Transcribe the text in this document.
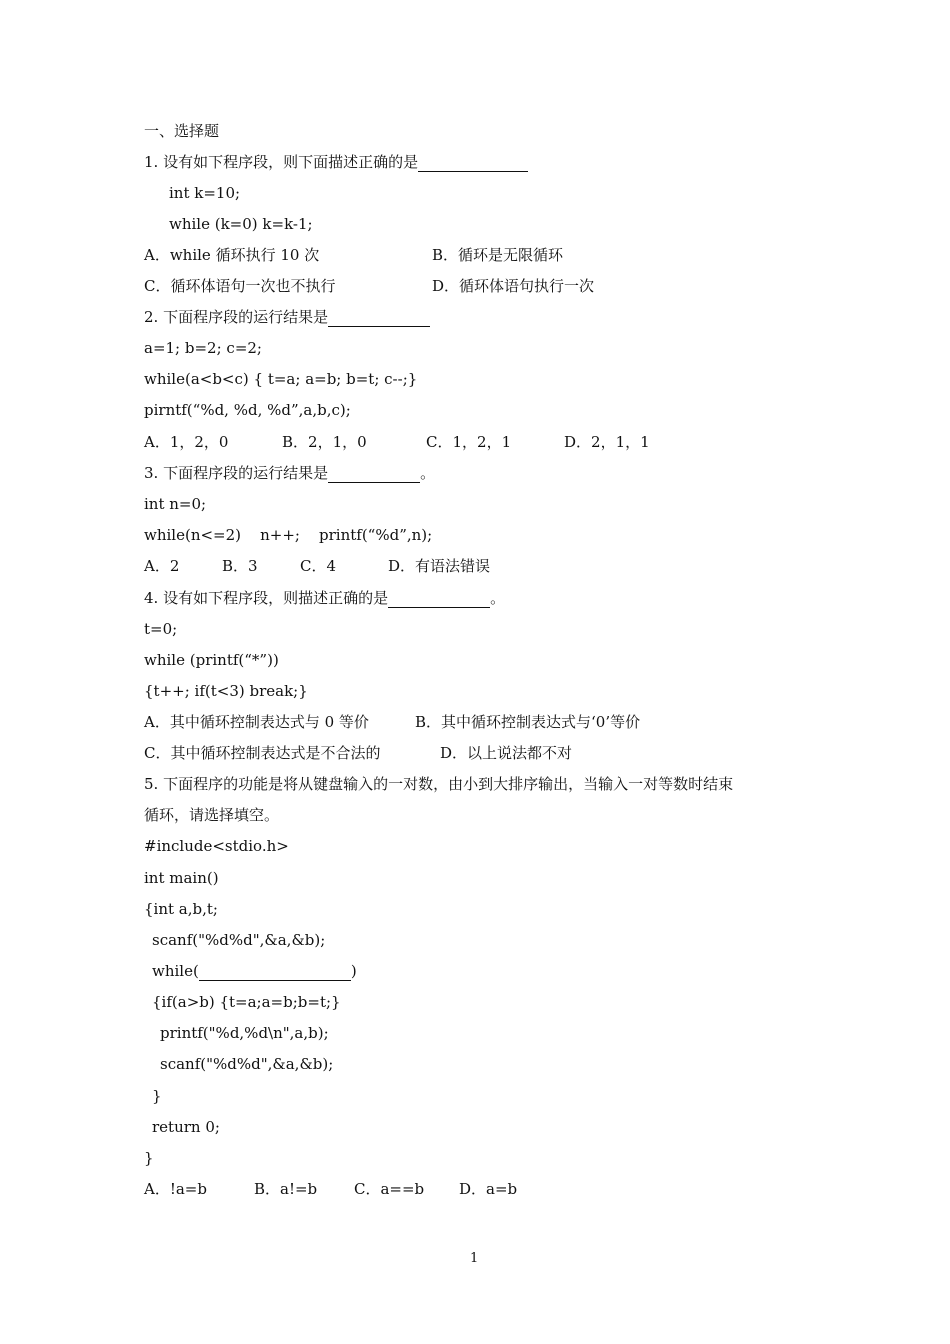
一、选择题
1. 设有如下程序段，则下面描述正确的是
int k=10;
while (k=0) k=k-1;
A．while 循环执行 10 次	B．循环是无限循环
C．循环体语句一次也不执行	D．循环体语句执行一次
2. 下面程序段的运行结果是
a=1; b=2; c=2;
while(a<b<c) { t=a; a=b; b=t; c--;}
pirntf(“%d, %d, %d”,a,b,c);
A．1，2，0	B．2，1，0	C．1，2，1	D．2，1，1
3. 下面程序段的运行结果是	。
int n=0;
while(n<=2)    n++;    printf(“%d”,n);
A．2	B．3	C．4	D．有语法错误
4. 设有如下程序段，则描述正确的是	。
t=0;
while (printf(“*”))
{t++; if(t<3) break;}
A．其中循环控制表达式与 0 等价	B．其中循环控制表达式与‘0’等价
C．其中循环控制表达式是不合法的	D．以上说法都不对
5. 下面程序的功能是将从键盘输入的一对数，由小到大排序输出，当输入一对等数时结束
循环，请选择填空。
#include<stdio.h>
int main()
{int a,b,t;
scanf("%d%d",&a,&b);
while(	)
{if(a>b) {t=a;a=b;b=t;}
printf("%d,%d\n",a,b);
scanf("%d%d",&a,&b);
}
return 0;
}
A．!a=b	B．a!=b C．a==b D．a=b
1
